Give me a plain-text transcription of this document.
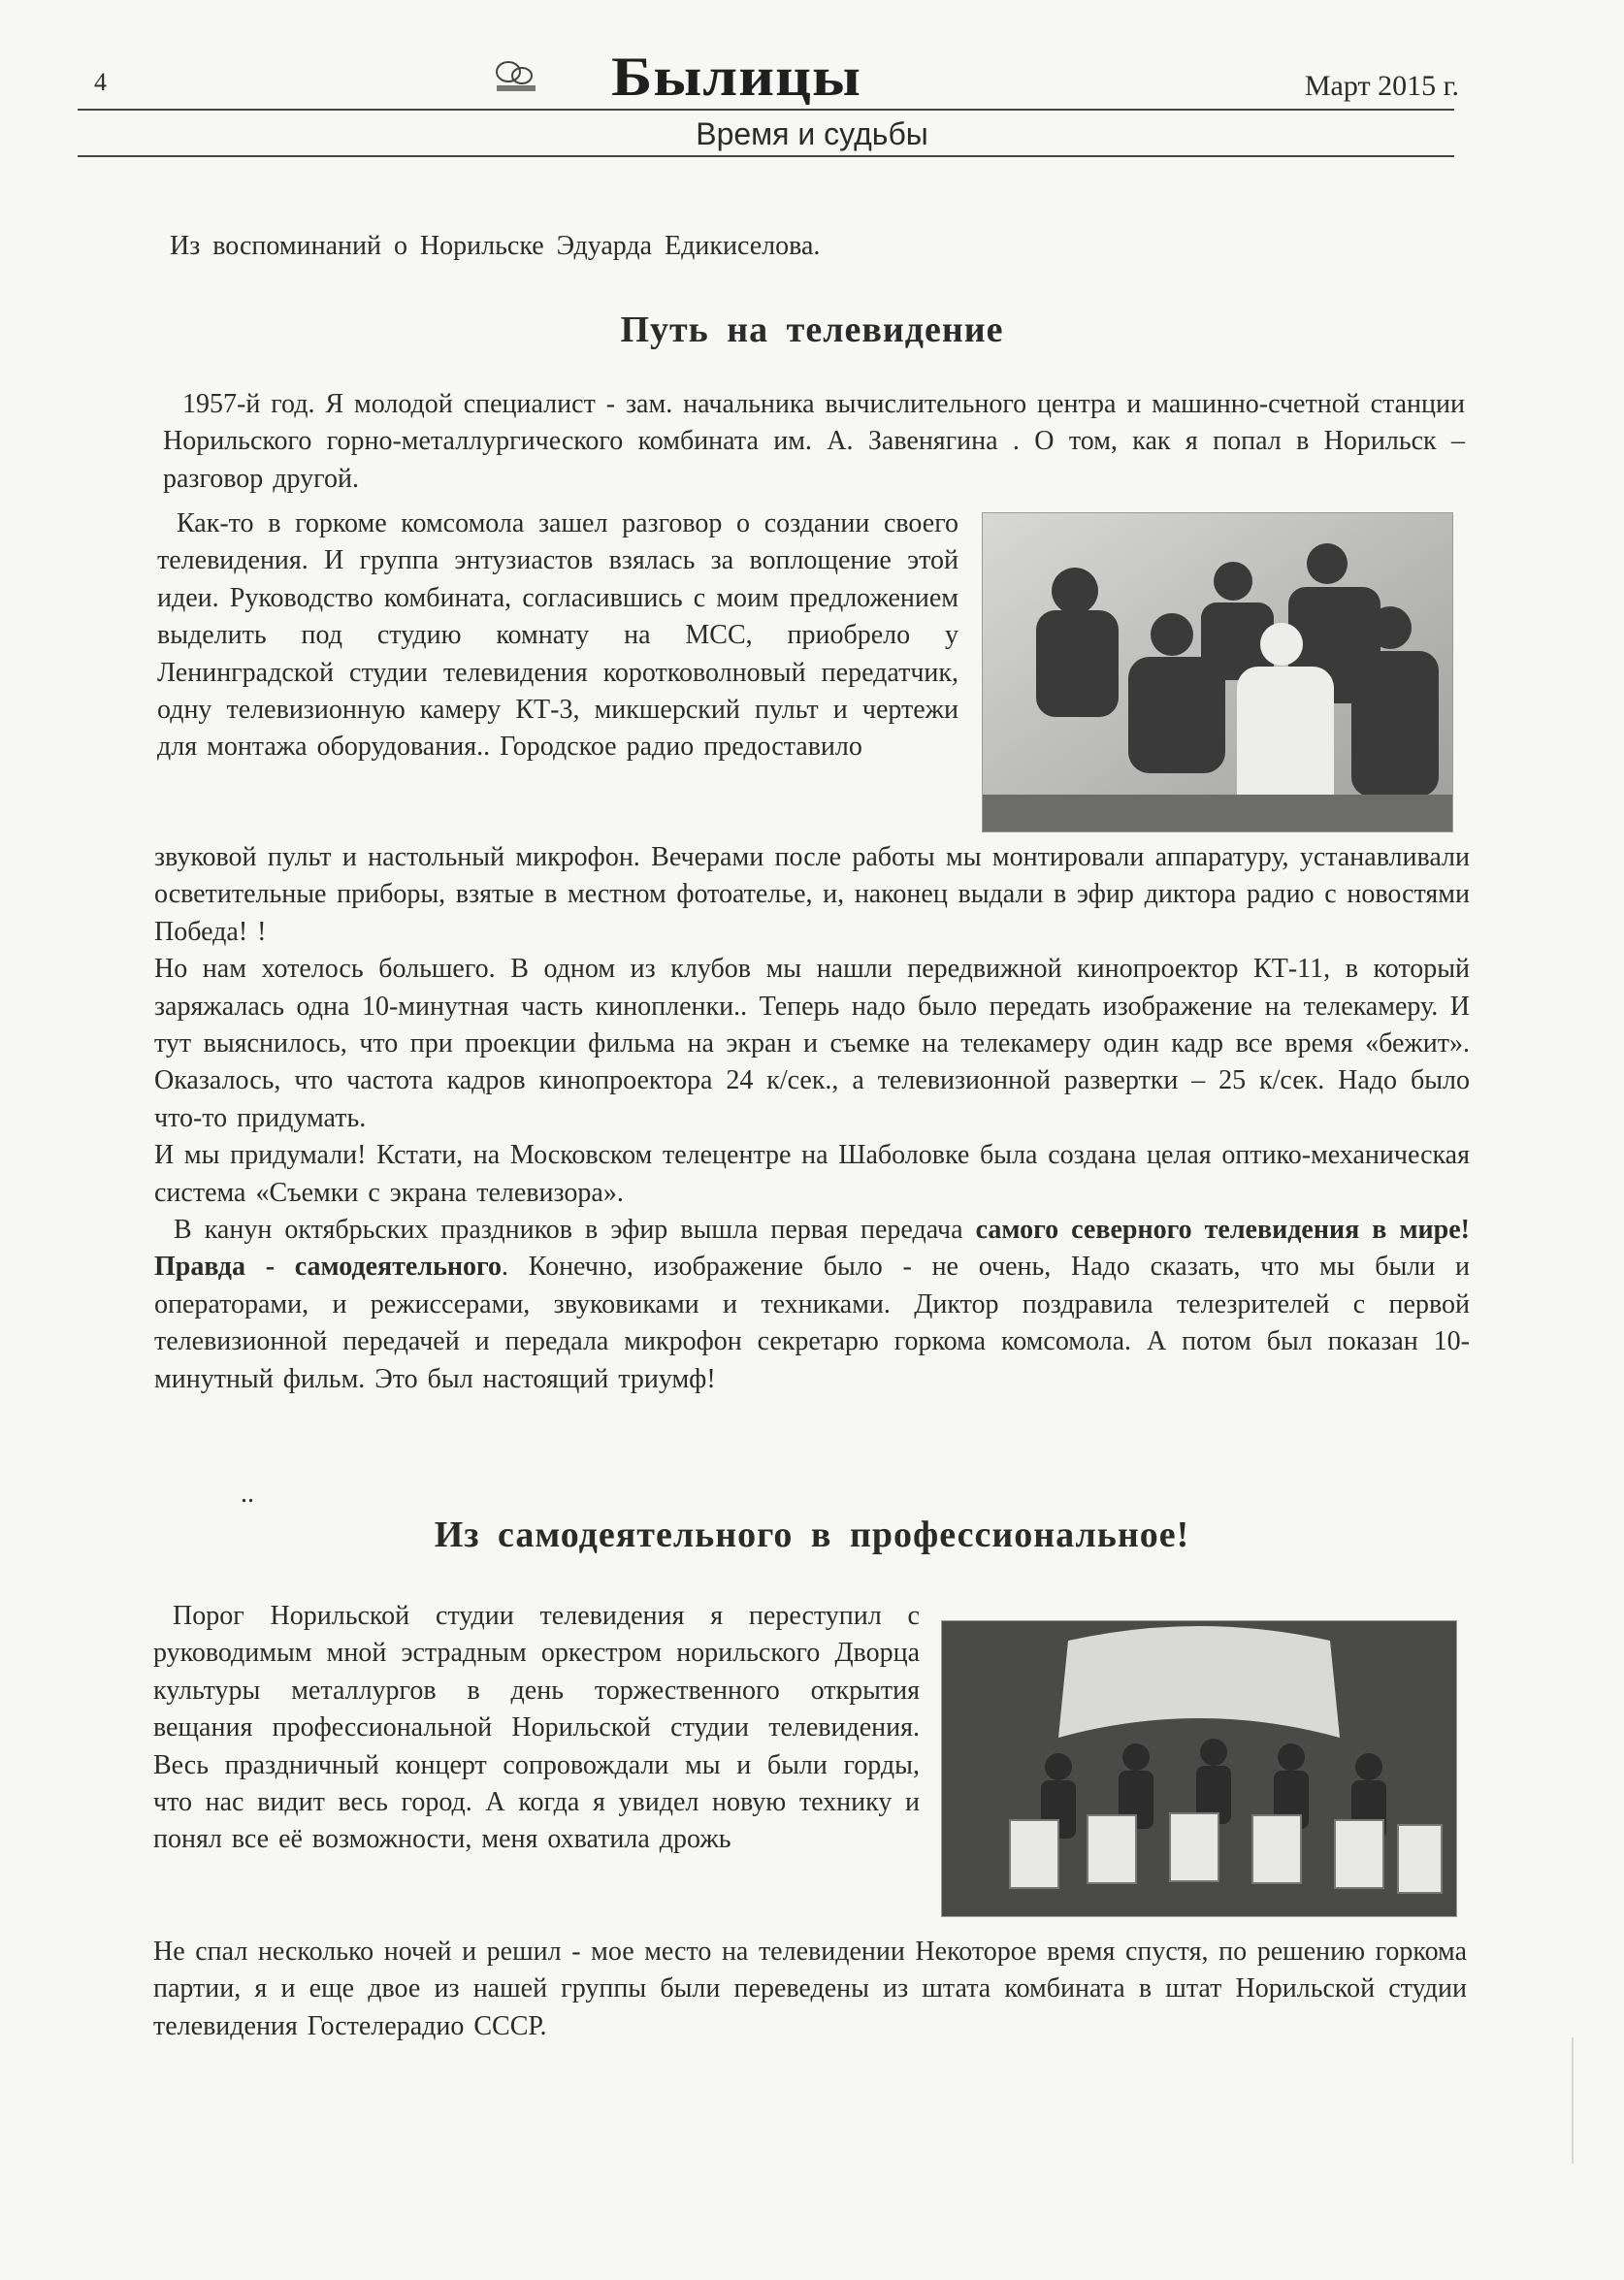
4	Былицы	Март 2015 г.
Время и судьбы
Из воспоминаний о Норильске Эдуарда Едикиселова.
Путь на телевидение

1957-й год. Я молодой специалист - зам. начальника вычислительного центра и машинно-счетной станции Норильского горно-металлургического комбината им. А. Завенягина . О том, как я попал в Норильск – разговор другой.

Как-то в горкоме комсомола зашел разговор о создании своего телевидения. И группа энтузиастов взялась за воплощение этой идеи. Руководство комбината, согласившись с моим предложением выделить под студию комнату на МСС, приобрело у Ленинградской студии телевидения коротковолновый передатчик, одну телевизионную камеру КТ-3, микшерский пульт и чертежи для монтажа оборудования.. Городское радио предоставило

звуковой пульт и настольный микрофон. Вечерами после работы мы монтировали аппаратуру, устанавливали осветительные приборы, взятые в местном фотоателье, и, наконец выдали в эфир диктора радио с новостями Победа! !

Но нам хотелось большего. В одном из клубов мы нашли передвижной кинопроектор КТ-11, в который заряжалась одна 10-минутная часть кинопленки.. Теперь надо было передать изображение на телекамеру. И тут выяснилось, что при проекции фильма на экран и съемке на телекамеру один кадр все время «бежит». Оказалось, что частота кадров кинопроектора 24 к/сек., а телевизионной развертки – 25 к/сек. Надо было что-то придумать.

И мы придумали! Кстати, на Московском телецентре на Шаболовке была создана целая оптико-механическая система «Съемки с экрана телевизора».

В канун октябрьских праздников в эфир вышла первая передача самого северного телевидения в мире! Правда - самодеятельного. Конечно, изображение было - не очень, Надо сказать, что мы были и операторами, и режиссерами, звуковиками и техниками. Диктор поздравила телезрителей с первой телевизионной передачей и передала микрофон секретарю горкома комсомола. А потом был показан 10-минутный фильм. Это был настоящий триумф!

..
Из самодеятельного в профессиональное!

Порог Норильской студии телевидения я переступил с руководимым мной эстрадным оркестром норильского Дворца культуры металлургов в день торжественного открытия вещания профессиональной Норильской студии телевидения. Весь праздничный концерт сопровождали мы и были горды, что нас видит весь город. А когда я увидел новую технику и понял все её возможности, меня охватила дрожь

Не спал несколько ночей и решил - мое место на телевидении Некоторое время спустя, по решению горкома партии, я и еще двое из нашей группы были переведены из штата комбината в штат Норильской студии телевидения Гостелерадио СССР.
